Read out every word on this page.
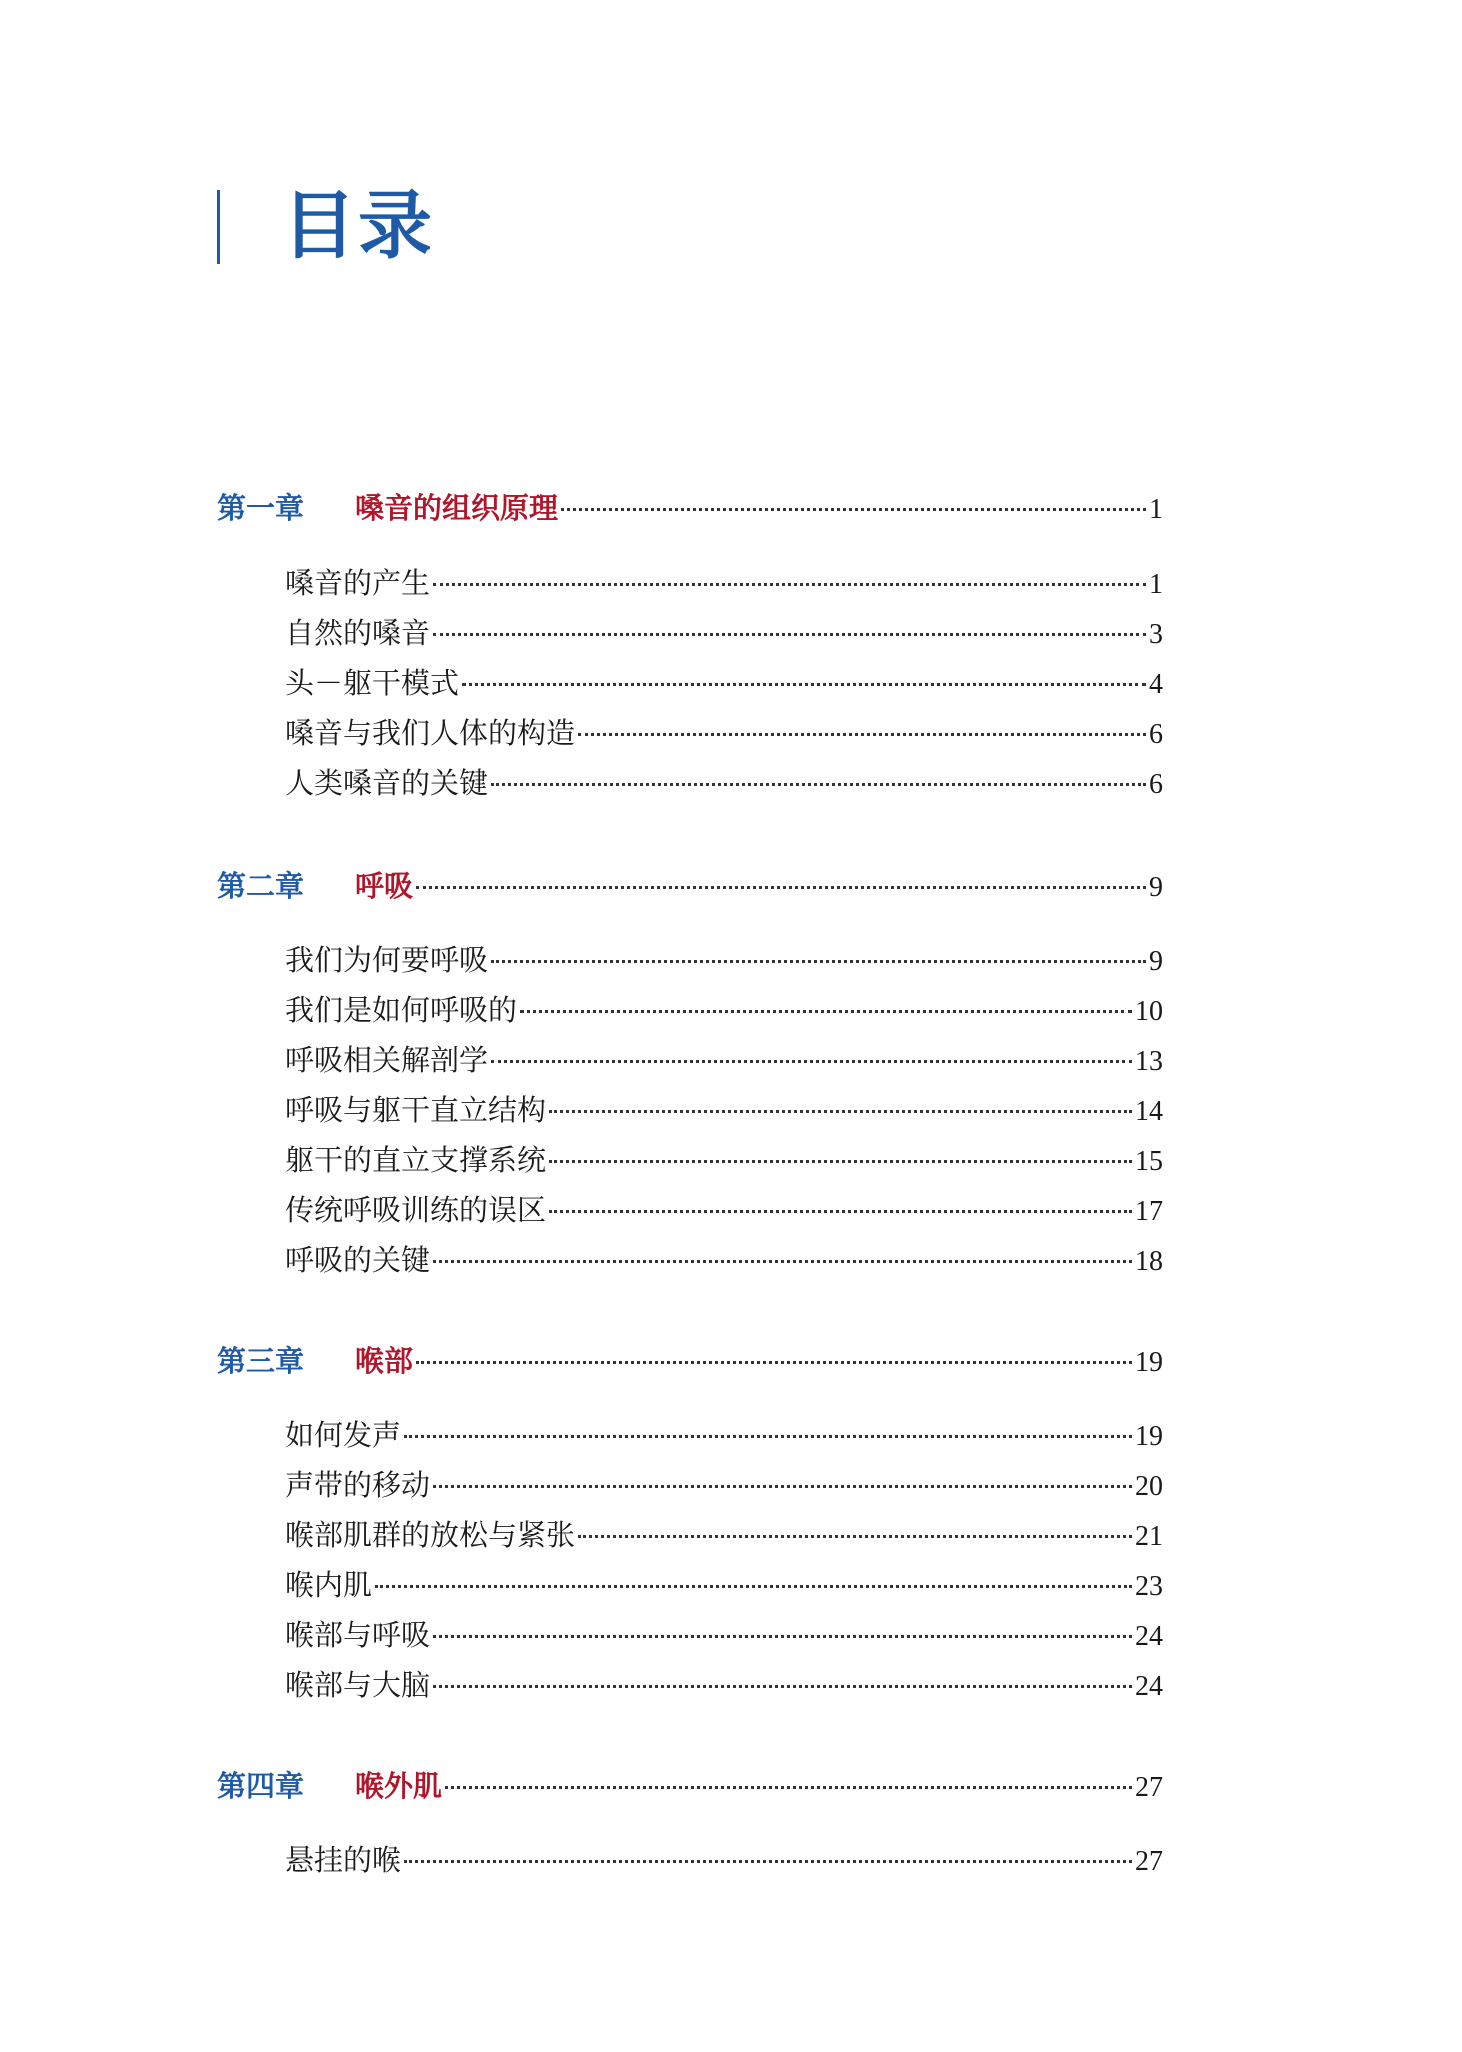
目录
第一章	嗓音的组织原理	1
嗓音的产生	1
自然的嗓音	3
头－躯干模式	4
嗓音与我们人体的构造	6
人类嗓音的关键	6
第二章	呼吸	9
我们为何要呼吸	9
我们是如何呼吸的	10
呼吸相关解剖学	13
呼吸与躯干直立结构	14
躯干的直立支撑系统	15
传统呼吸训练的误区	17
呼吸的关键	18
第三章	喉部	19
如何发声	19
声带的移动	20
喉部肌群的放松与紧张	21
喉内肌	23
喉部与呼吸	24
喉部与大脑	24
第四章	喉外肌	27
悬挂的喉	27
